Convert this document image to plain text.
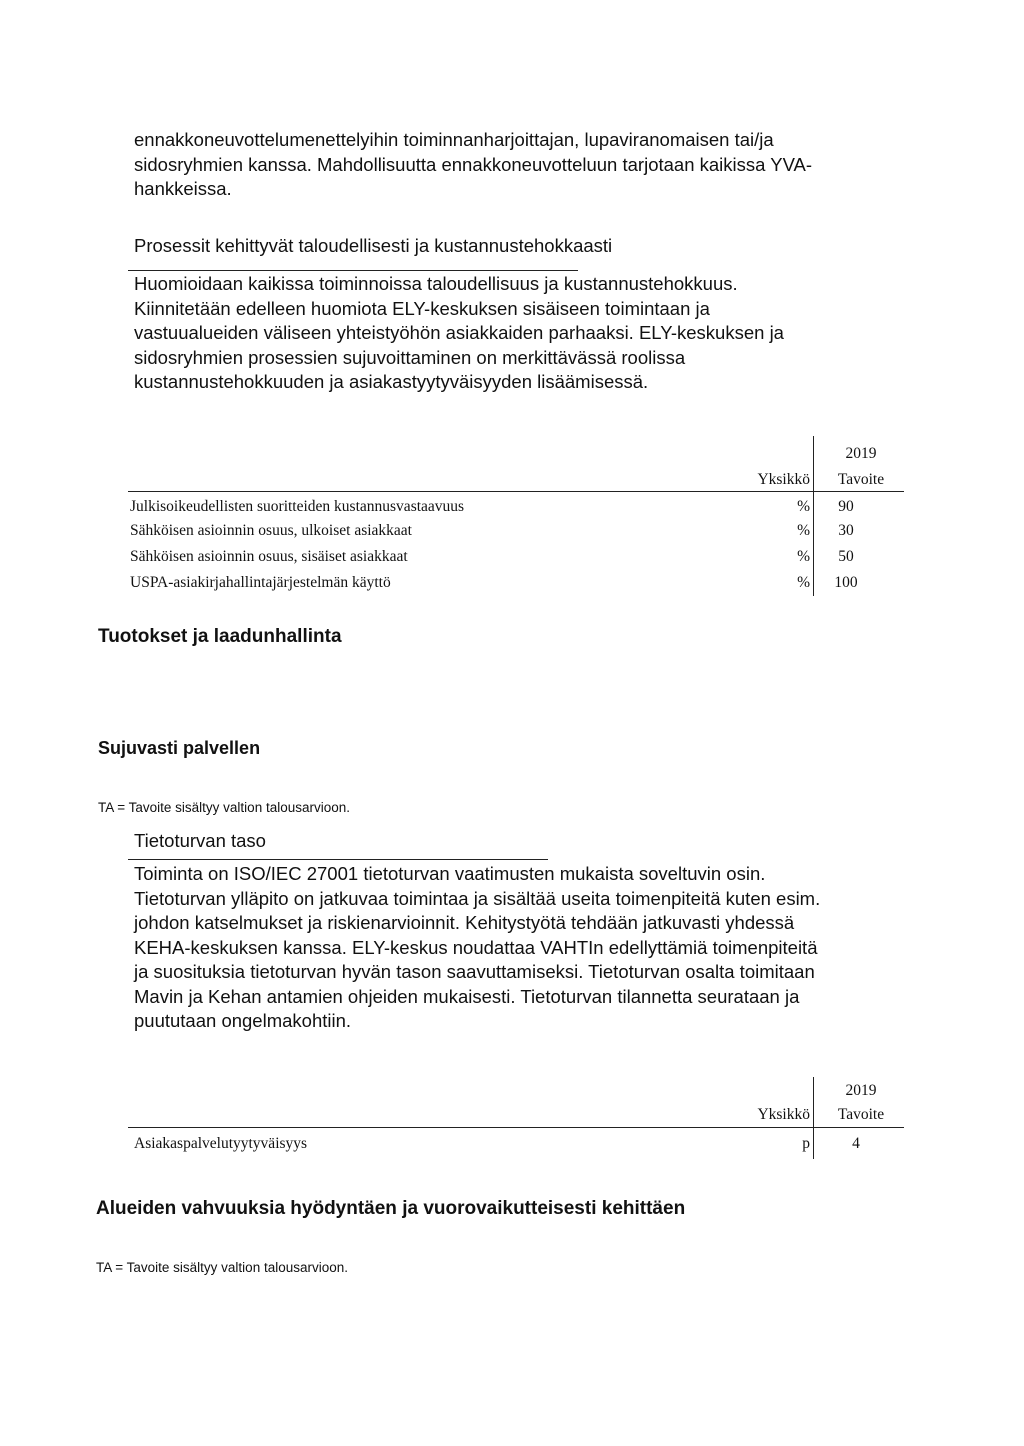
ennakkoneuvottelumenettelyihin toiminnanharjoittajan, lupaviranomaisen tai/ja
sidosryhmien kanssa. Mahdollisuutta ennakkoneuvotteluun tarjotaan kaikissa YVA-
hankkeissa.
Prosessit kehittyvät taloudellisesti ja kustannustehokkaasti
Huomioidaan kaikissa toiminnoissa taloudellisuus ja kustannustehokkuus.
Kiinnitetään edelleen huomiota ELY-keskuksen sisäiseen toimintaan ja
vastuualueiden väliseen yhteistyöhön asiakkaiden parhaaksi. ELY-keskuksen ja
sidosryhmien prosessien sujuvoittaminen on merkittävässä roolissa
kustannustehokkuuden ja asiakastyytyväisyyden lisäämisessä.
2019
Yksikkö	Tavoite
Julkisoikeudellisten suoritteiden kustannusvastaavuus	%	90
Sähköisen asioinnin osuus, ulkoiset asiakkaat	%	30
Sähköisen asioinnin osuus, sisäiset asiakkaat	%	50
USPA-asiakirjahallintajärjestelmän käyttö	%	100
Tuotokset ja laadunhallinta
Sujuvasti palvellen
TA = Tavoite sisältyy valtion talousarvioon.
Tietoturvan taso
Toiminta on ISO/IEC 27001 tietoturvan vaatimusten mukaista soveltuvin osin.
Tietoturvan ylläpito on jatkuvaa toimintaa ja sisältää useita toimenpiteitä kuten esim.
johdon katselmukset ja riskienarvioinnit. Kehitystyötä tehdään jatkuvasti yhdessä
KEHA-keskuksen kanssa. ELY-keskus noudattaa VAHTIn edellyttämiä toimenpiteitä
ja suosituksia tietoturvan hyvän tason saavuttamiseksi. Tietoturvan osalta toimitaan
Mavin ja Kehan antamien ohjeiden mukaisesti. Tietoturvan tilannetta seurataan ja
puututaan ongelmakohtiin.
2019
Yksikkö	Tavoite
Asiakaspalvelutyytyväisyys	p	4
Alueiden vahvuuksia hyödyntäen ja vuorovaikutteisesti kehittäen
TA = Tavoite sisältyy valtion talousarvioon.
